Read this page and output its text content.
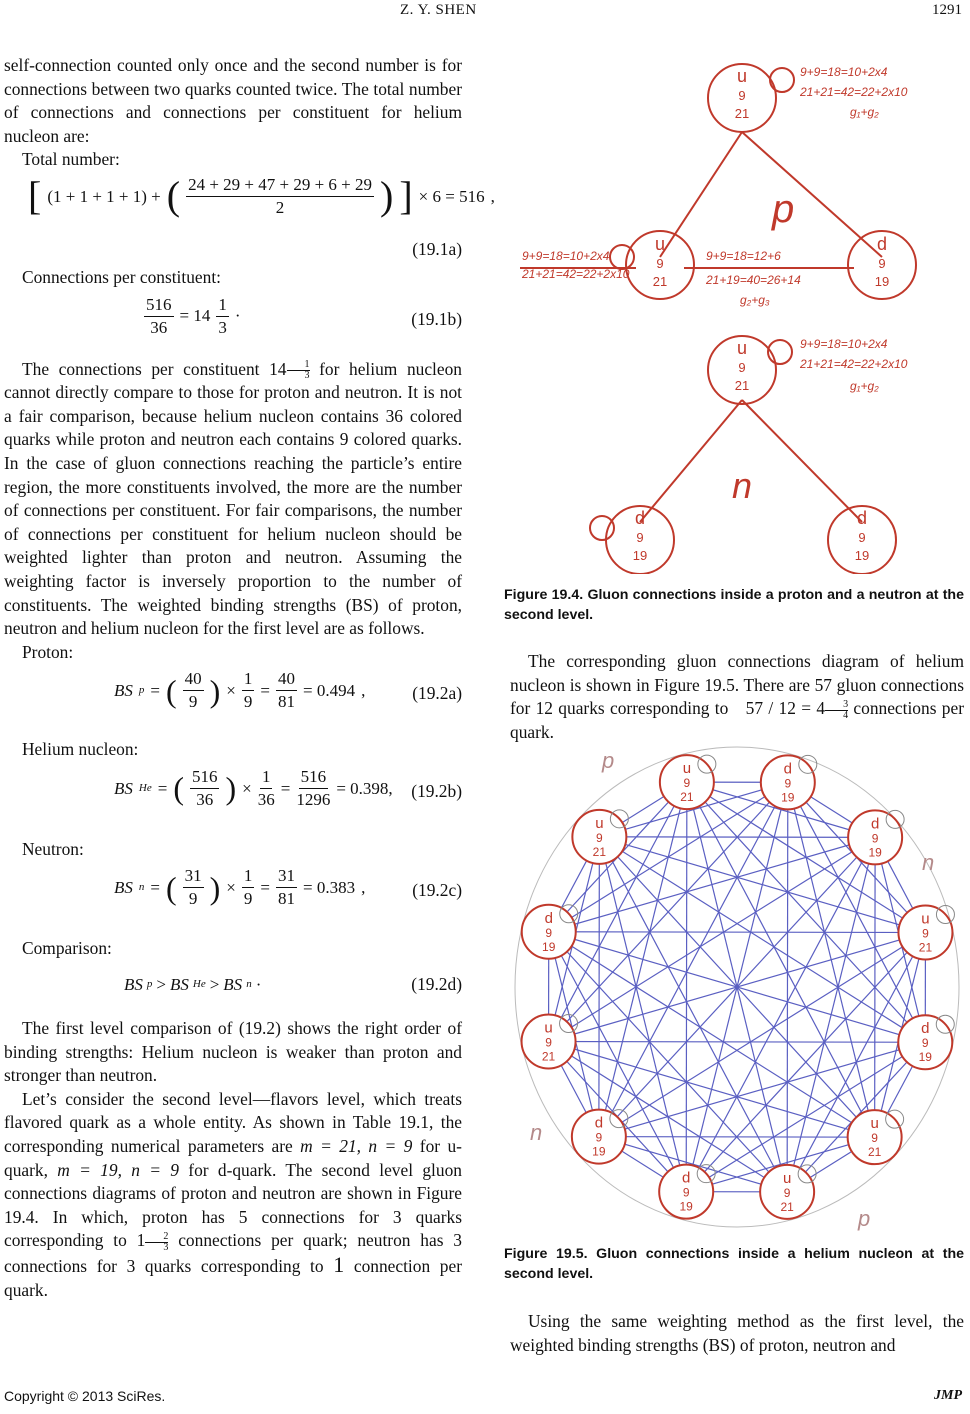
Z. Y. SHEN	1291

self-connection counted only once and the second number is for connections between two quarks counted twice. The total number of connections and connections per constituent for helium nucleon are:

Total number:

[ (1 + 1 + 1 + 1) + ( $\frac{24 + 29 + 47 + 29 + 6 + 29}{2}$ ) ] × 6 = 516 ,
(19.1a)

Connections per constituent:

$\frac{516}{36} = 14 \frac{1}{3}$ ·	(19.1b)

The connections per constituent $14 \frac{1}{3}$ for helium nucleon cannot directly compare to those for proton and neutron. It is not a fair comparison, because helium nucleon contains 36 colored quarks while proton and neutron each contains 9 colored quarks. In the case of gluon connections reaching the particle’s entire region, the more constituents involved, the more are the number of connections per constituent. For fair comparisons, the number of connections per constituent for helium nucleon should be weighted lighter than proton and neutron. Assuming the weighting factor is inversely proportion to the number of constituents. The weighted binding strengths (BS) of proton, neutron and helium nucleon for the first level are as follows.

Proton:

BS p = ( $\frac{40}{9}$ ) × $\frac{1}{9} = \frac{40}{81} = 0.494$ ,	(19.2a)

Helium nucleon:

BS He = ( $\frac{516}{36}$ ) × $\frac{1}{36} = \frac{516}{1296} = 0.398$, (19.2b)

Neutron:

BS n = ( $\frac{31}{9}$ ) × $\frac{1}{9} = \frac{31}{81} = 0.383$ ,	(19.2c)

Comparison:

BS p > BS He > BS n ·	(19.2d)

The first level comparison of (19.2) shows the right order of binding strengths: Helium nucleon is weaker than proton and stronger than neutron.

Let’s consider the second level—flavors level, which treats flavored quark as a whole entity. As shown in Table 19.1, the corresponding numerical parameters are m = 21, n = 9 for u-quark, m = 19, n = 9 for d-quark. The second level gluon connections diagrams of proton and neutron are shown in Figure 19.4. In which, proton has 5 connections for 3 quarks corresponding to $1 \frac{2}{3}$ connections per quark; neutron has 3 connections for 3 quarks corresponding to 1 connection per quark.

u
9
21
u
9
21
d
9
19
u
9
21
d
9
19
d
9
19
9+9=18=10+2x4
21+21=42=22+2x10
g₁+g₂
9+9=18=10+2x4
21+21=42=22+2x10
9+9=18=12+6
21+19=40=26+14
g₂+g₃
9+9=18=10+2x4
21+21=42=22+2x10
g₁+g₂
p
n
Figure 19.4. Gluon connections inside a proton and a neutron at the second level.

The corresponding gluon connections diagram of helium nucleon is shown in Figure 19.5. There are 57 gluon connections for 12 quarks corresponding to $57 / 12 = 4 \frac{3}{4}$ connections per quark.

u
9
21
d
9
19
d
9
19
u
9
21
d
9
19
u
9
21
u
9
21
d
9
19
d
9
19
u
9
21
d
9
19
u
9
21
p
p
n
n
Figure 19.5. Gluon connections inside a helium nucleon at the second level.

Using the same weighting method as the first level, the weighted binding strengths (BS) of proton, neutron and

Copyright © 2013 SciRes.	JMP
